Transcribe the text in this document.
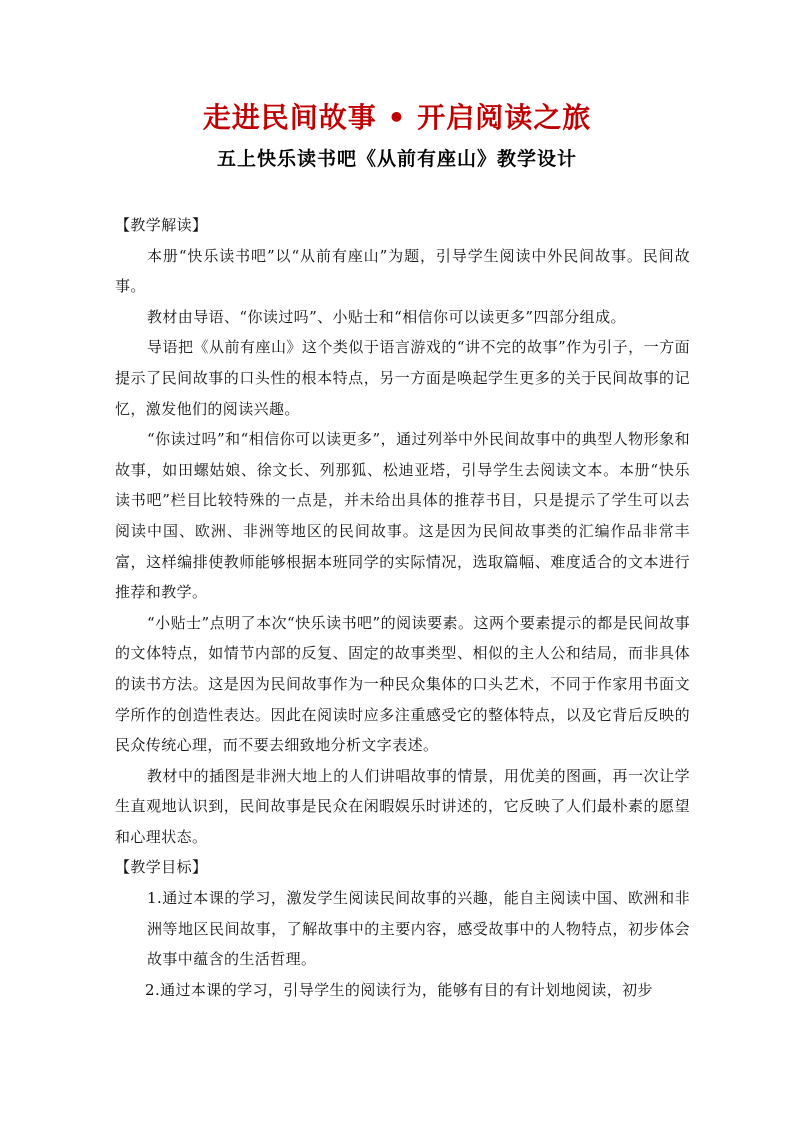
走进民间故事 • 开启阅读之旅
五上快乐读书吧《从前有座山》教学设计

【教学解读】

本册“快乐读书吧”以“从前有座山”为题，引导学生阅读中外民间故事。民间故事。

教材由导语、“你读过吗”、小贴士和“相信你可以读更多”四部分组成。

导语把《从前有座山》这个类似于语言游戏的“讲不完的故事”作为引子，一方面提示了民间故事的口头性的根本特点，另一方面是唤起学生更多的关于民间故事的记忆，激发他们的阅读兴趣。

“你读过吗”和“相信你可以读更多”，通过列举中外民间故事中的典型人物形象和故事，如田螺姑娘、徐文长、列那狐、松迪亚塔，引导学生去阅读文本。本册“快乐读书吧”栏目比较特殊的一点是，并未给出具体的推荐书目，只是提示了学生可以去阅读中国、欧洲、非洲等地区的民间故事。这是因为民间故事类的汇编作品非常丰富，这样编排使教师能够根据本班同学的实际情况，选取篇幅、难度适合的文本进行推荐和教学。

“小贴士”点明了本次“快乐读书吧”的阅读要素。这两个要素提示的都是民间故事的文体特点，如情节内部的反复、固定的故事类型、相似的主人公和结局，而非具体的读书方法。这是因为民间故事作为一种民众集体的口头艺术，不同于作家用书面文学所作的创造性表达。因此在阅读时应多注重感受它的整体特点，以及它背后反映的民众传统心理，而不要去细致地分析文字表述。

教材中的插图是非洲大地上的人们讲唱故事的情景，用优美的图画，再一次让学生直观地认识到，民间故事是民众在闲暇娱乐时讲述的，它反映了人们最朴素的愿望和心理状态。

【教学目标】

1.通过本课的学习，激发学生阅读民间故事的兴趣，能自主阅读中国、欧洲和非洲等地区民间故事，了解故事中的主要内容，感受故事中的人物特点，初步体会故事中蕴含的生活哲理。

2.通过本课的学习，引导学生的阅读行为，能够有目的有计划地阅读，初步
